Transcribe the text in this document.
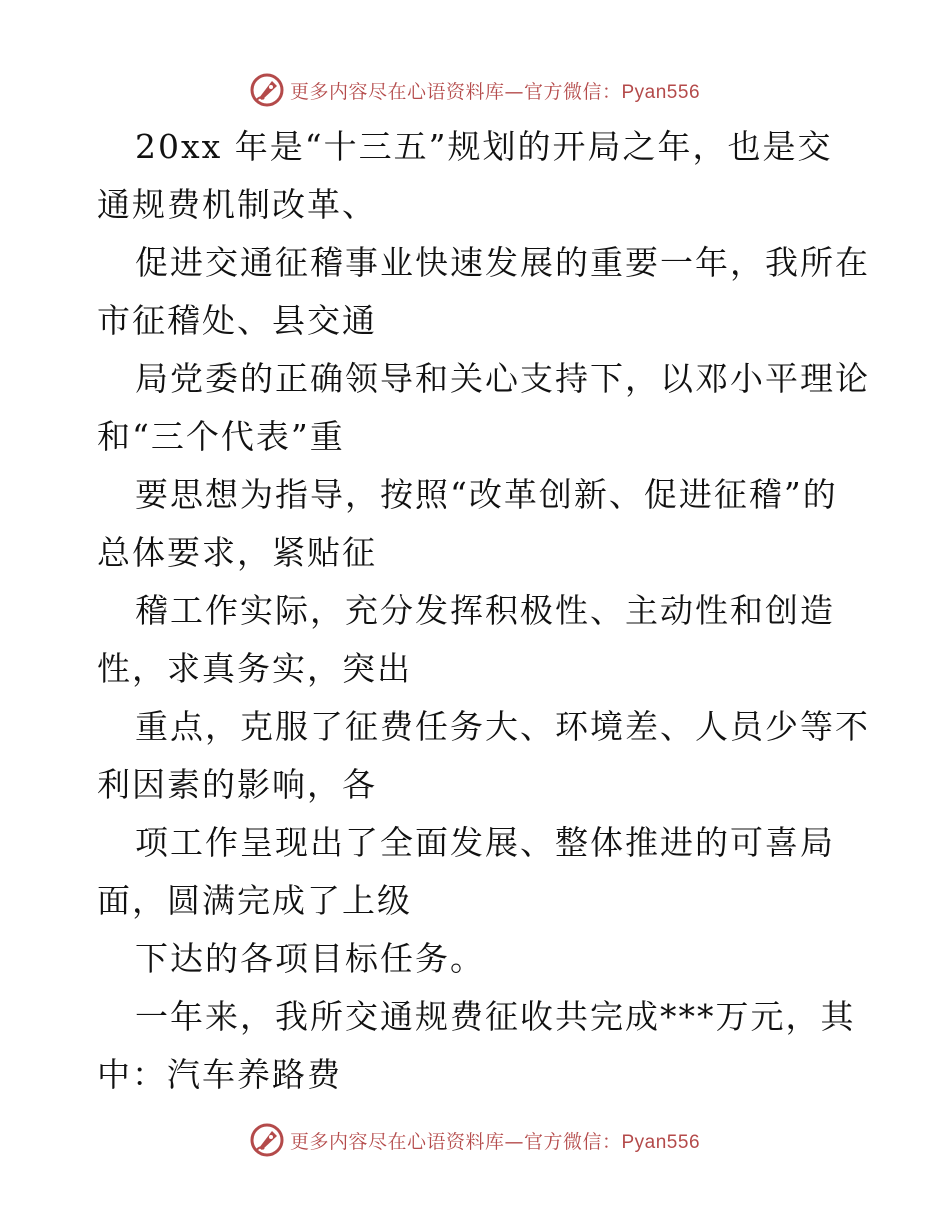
更多内容尽在心语资料库—官方微信：Pyan556
20xx 年是“十三五”规划的开局之年，也是交
通规费机制改革、
促进交通征稽事业快速发展的重要一年，我所在
市征稽处、县交通
局党委的正确领导和关心支持下，以邓小平理论
和“三个代表”重
要思想为指导，按照“改革创新、促进征稽”的
总体要求，紧贴征
稽工作实际，充分发挥积极性、主动性和创造
性，求真务实，突出
重点，克服了征费任务大、环境差、人员少等不
利因素的影响，各
项工作呈现出了全面发展、整体推进的可喜局
面，圆满完成了上级
下达的各项目标任务。
一年来，我所交通规费征收共完成***万元，其
中：汽车养路费
更多内容尽在心语资料库—官方微信：Pyan556
